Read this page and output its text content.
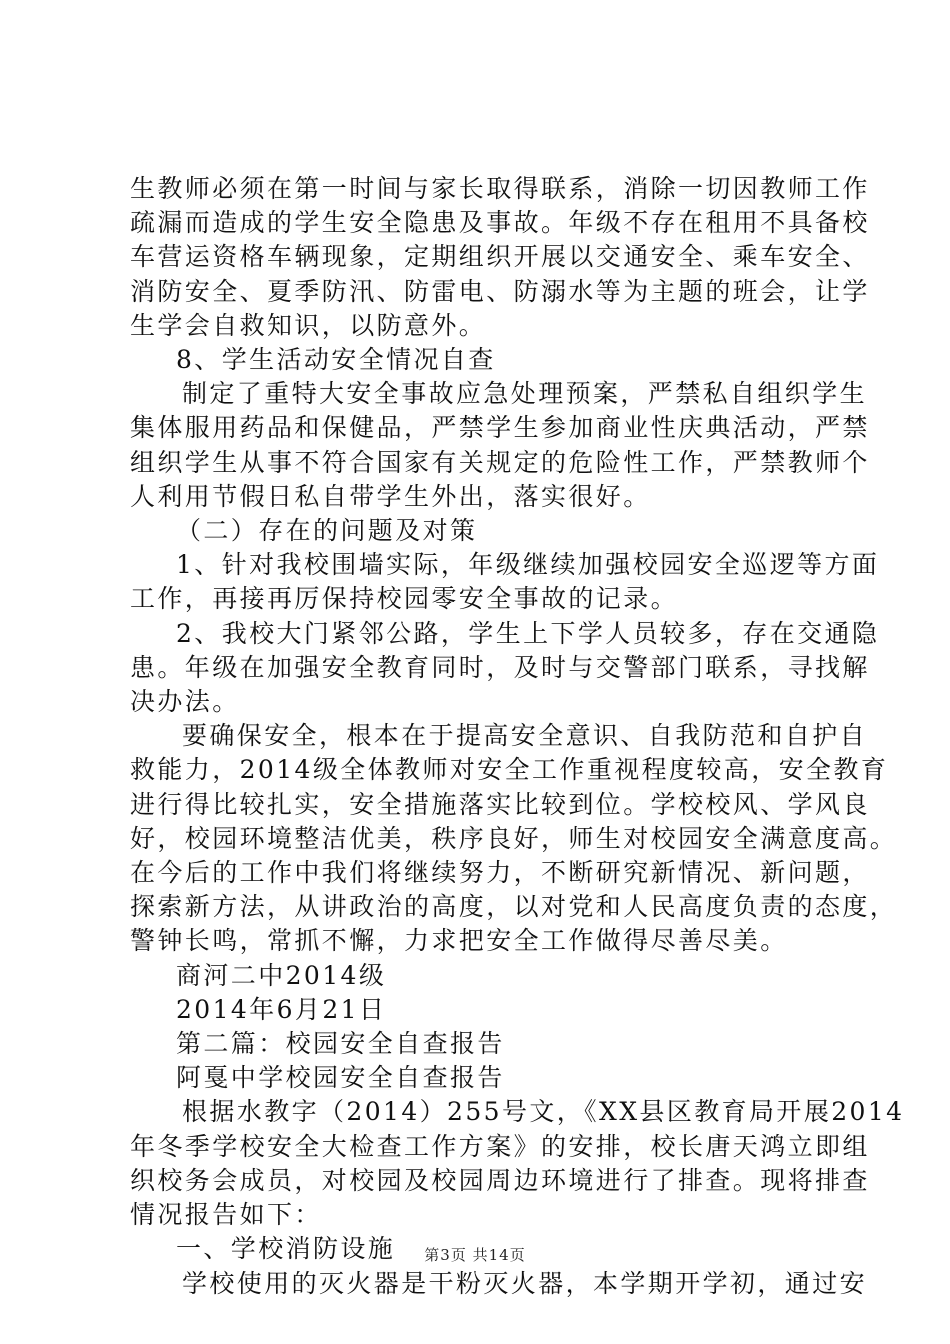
生教师必须在第一时间与家长取得联系，消除一切因教师工作
疏漏而造成的学生安全隐患及事故。年级不存在租用不具备校
车营运资格车辆现象，定期组织开展以交通安全、乘车安全、
消防安全、夏季防汛、防雷电、防溺水等为主题的班会，让学
生学会自救知识，以防意外。

8、学生活动安全情况自查

制定了重特大安全事故应急处理预案，严禁私自组织学生
集体服用药品和保健品，严禁学生参加商业性庆典活动，严禁
组织学生从事不符合国家有关规定的危险性工作，严禁教师个
人利用节假日私自带学生外出，落实很好。

（二）存在的问题及对策

1、针对我校围墙实际，年级继续加强校园安全巡逻等方面
工作，再接再厉保持校园零安全事故的记录。

2、我校大门紧邻公路，学生上下学人员较多，存在交通隐
患。年级在加强安全教育同时，及时与交警部门联系，寻找解
决办法。

要确保安全，根本在于提高安全意识、自我防范和自护自
救能力，2014级全体教师对安全工作重视程度较高，安全教育
进行得比较扎实，安全措施落实比较到位。学校校风、学风良
好，校园环境整洁优美，秩序良好，师生对校园安全满意度高。
在今后的工作中我们将继续努力，不断研究新情况、新问题，
探索新方法，从讲政治的高度，以对党和人民高度负责的态度，
警钟长鸣，常抓不懈，力求把安全工作做得尽善尽美。

商河二中2014级

2014年6月21日

第二篇：校园安全自查报告

阿戛中学校园安全自查报告

根据水教字（2014）255号文，《XX县区教育局开展2014
年冬季学校安全大检查工作方案》的安排，校长唐天鸿立即组
织校务会成员，对校园及校园周边环境进行了排查。现将排查
情况报告如下：

一、学校消防设施

学校使用的灭火器是干粉灭火器，本学期开学初，通过安

第3页 共14页
